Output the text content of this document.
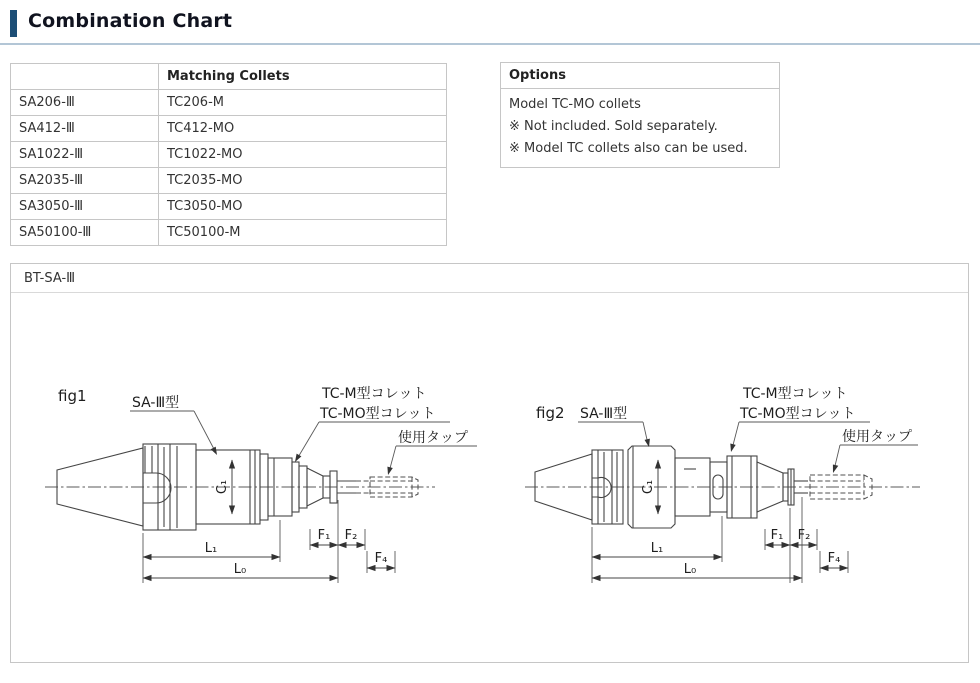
Combination Chart
	Matching Collets
SA206-Ⅲ	TC206-M
SA412-Ⅲ	TC412-MO
SA1022-Ⅲ	TC1022-MO
SA2035-Ⅲ	TC2035-MO
SA3050-Ⅲ	TC3050-MO
SA50100-Ⅲ	TC50100-M
Options
Model TC-MO collets
※ Not included. Sold separately.
※ Model TC collets also can be used.
BT-SA-Ⅲ
C₁
L₁
L₀
F₁ F₂
F₄
fig1	SA-Ⅲ型
TC-M型コレット
TC-MO型コレット
使用タップ
C₁
L₁
L₀
F₁ F₂
F₄
fig2 SA-Ⅲ型
TC-M型コレット
TC-MO型コレット
使用タップ
